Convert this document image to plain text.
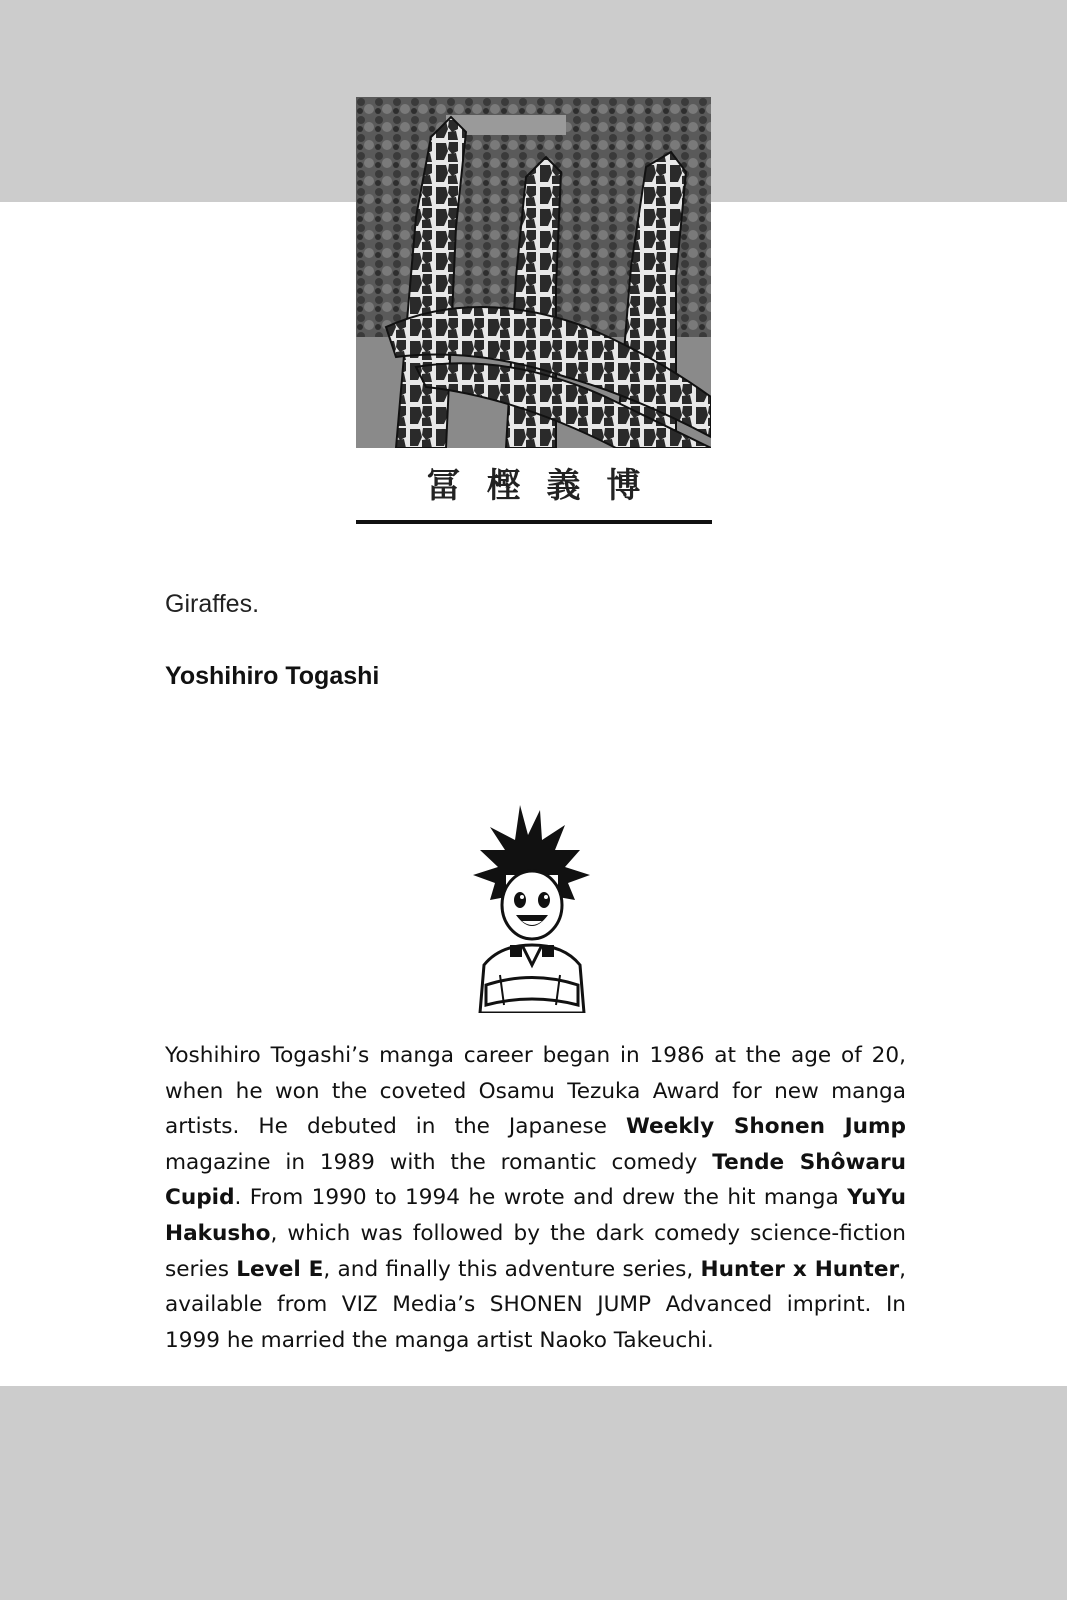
冨樫義博
Giraffes.
Yoshihiro Togashi
Yoshihiro Togashi’s manga career began in 1986 at the age of 20, when he won the coveted Osamu Tezuka Award for new manga artists. He debuted in the Japanese Weekly Shonen Jump magazine in 1989 with the romantic comedy Tende Shôwaru Cupid. From 1990 to 1994 he wrote and drew the hit manga YuYu Hakusho, which was followed by the dark comedy science-fiction series Level E, and finally this adventure series, Hunter x Hunter, available from VIZ Media’s SHONEN JUMP Advanced imprint. In 1999 he married the manga artist Naoko Takeuchi.
